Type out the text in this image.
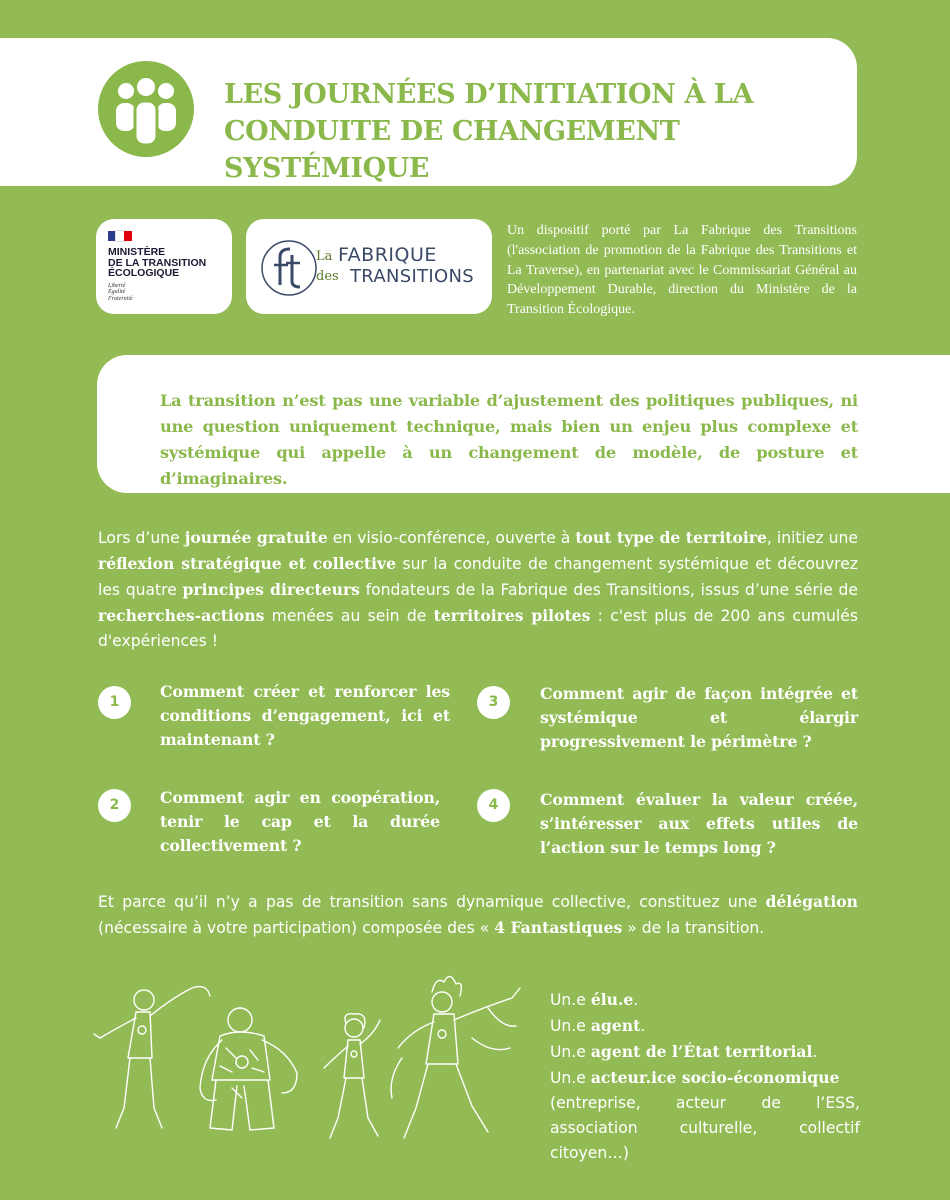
LES JOURNÉES D’INITIATION À LA CONDUITE DE CHANGEMENT SYSTÉMIQUE
MINISTÈRE
DE LA TRANSITION
ÉCOLOGIQUE
Liberté
Égalité
Fraternité
La
des
FABRIQUE
TRANSITIONS
Un dispositif porté par La Fabrique des Transitions (l'association de promotion de la Fabrique des Transitions et La Traverse), en partenariat avec le Commissariat Général au Développement Durable, direction du Ministère de la Transition Écologique.
La transition n’est pas une variable d’ajustement des politiques publiques, ni une question uniquement technique, mais bien un enjeu plus complexe et systémique qui appelle à un changement de modèle, de posture et d’imaginaires.
Lors d’une journée gratuite en visio-conférence, ouverte à tout type de territoire, initiez une réflexion stratégique et collective sur la conduite de changement systémique et découvrez les quatre principes directeurs fondateurs de la Fabrique des Transitions, issus d’une série de recherches-actions menées au sein de territoires pilotes : c'est plus de 200 ans cumulés d'expériences !
1
Comment créer et renforcer les conditions d’engagement, ici et maintenant ?
2	Comment agir en coopération, tenir le cap et la durée collectivement ?
3	Comment agir de façon intégrée et systémique et élargir progressivement le périmètre ?
4	Comment évaluer la valeur créée, s’intéresser aux effets utiles de l’action sur le temps long ?
Et parce qu’il n’y a pas de transition sans dynamique collective, constituez une délégation (nécessaire à votre participation) composée des « 4 Fantastiques » de la transition.
Un.e élu.e.
Un.e agent.
Un.e agent de l’État territorial.
Un.e acteur.ice socio-économique
(entreprise, acteur de l’ESS, association culturelle, collectif citoyen…)
